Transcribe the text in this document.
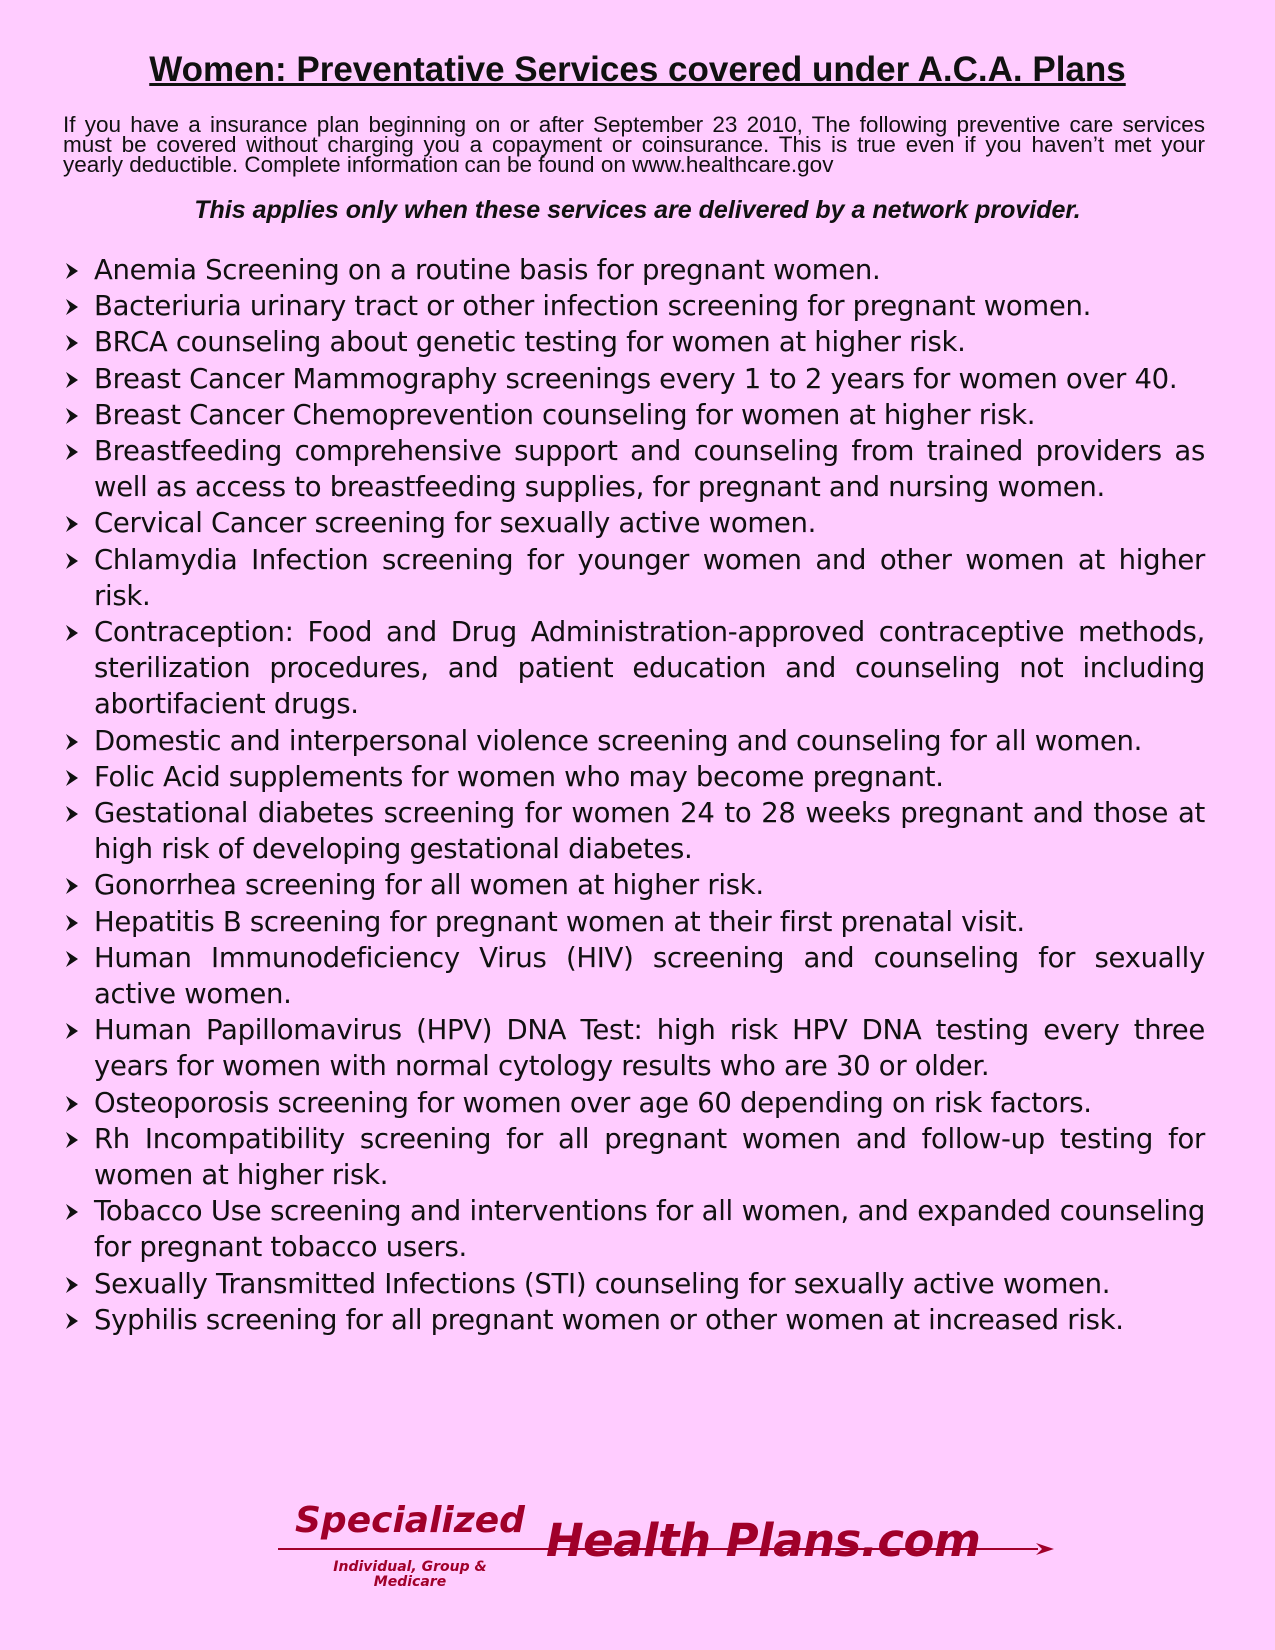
Women: Preventative Services covered under A.C.A. Plans

If you have a insurance plan beginning on or after September 23 2010, The following preventive care services must be covered without charging you a copayment or coinsurance. This is true even if you haven’t met your yearly deductible. Complete information can be found on www.healthcare.gov

This applies only when these services are delivered by a network provider.

Anemia Screening on a routine basis for pregnant women.
Bacteriuria urinary tract or other infection screening for pregnant women.
BRCA counseling about genetic testing for women at higher risk.
Breast Cancer Mammography screenings every 1 to 2 years for women over 40.
Breast Cancer Chemoprevention counseling for women at higher risk.
Breastfeeding comprehensive support and counseling from trained providers as well as access to breastfeeding supplies, for pregnant and nursing women.
Cervical Cancer screening for sexually active women.
Chlamydia Infection screening for younger women and other women at higher risk.
Contraception: Food and Drug Administration-approved contraceptive methods, sterilization procedures, and patient education and counseling not including abortifacient drugs.
Domestic and interpersonal violence screening and counseling for all women.
Folic Acid supplements for women who may become pregnant.
Gestational diabetes screening for women 24 to 28 weeks pregnant and those at high risk of developing gestational diabetes.
Gonorrhea screening for all women at higher risk.
Hepatitis B screening for pregnant women at their first prenatal visit.
Human Immunodeficiency Virus (HIV) screening and counseling for sexually active women.
Human Papillomavirus (HPV) DNA Test: high risk HPV DNA testing every three years for women with normal cytology results who are 30 or older.
Osteoporosis screening for women over age 60 depending on risk factors.
Rh Incompatibility screening for all pregnant women and follow-up testing for women at higher risk.
Tobacco Use screening and interventions for all women, and expanded counseling for pregnant tobacco users.
Sexually Transmitted Infections (STI) counseling for sexually active women.
Syphilis screening for all pregnant women or other women at increased risk.

Specialized Health Plans.com

Individual, Group & Medicare
